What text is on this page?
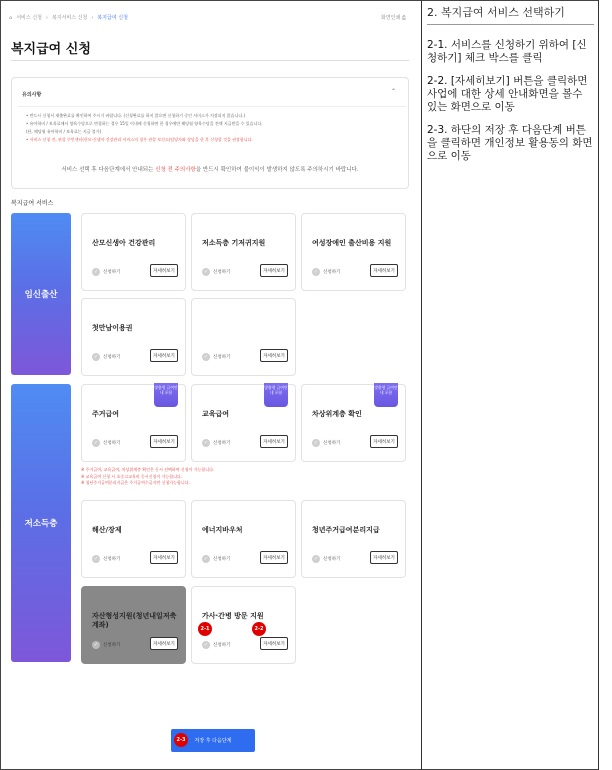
⌂ 서비스 신청 › 복지서비스 신청 › 복지급여 신청	화면인쇄 ⎙
복지급여 신청
유의사항	⌃
• 반드시 신청서 제출완료를 확인하여 주시기 바랍니다. (신청완료를 하지 않으면 신청하기 중인 서비스가 저장되지 않습니다.)
• 유아학비 / 보육료에서 양육수당으로 변경하는 경우 15일 이내에 신청하면 한 경우에만 해당월 양육수당을 전액 지급받을 수 있습니다.
(단, 해당월 유아학비 / 보육료는 지급 불가)
• 서비스 신청 전, 관할 주민센터(산모·신생아 건강관리 서비스의 경우 관할 보건소)담당자와 상담을 한 후 신청할 것을 권장합니다.
서비스 선택 후 다음단계에서 안내되는 신청 전 주의사항을 반드시 확인하여 불이익이 발생하지 않도록 주의하시기 바랍니다.
복지급여 서비스
임신출산
저소득층
산모신생아 건강관리
✓	신청하기	자세히보기
저소득층 기저귀지원
✓	신청하기	자세히보기
여성장애인 출산비용 지원
✓	신청하기	자세히보기
첫만남이용권
✓	신청하기	자세히보기	✓	신청하기	자세히보기
맞춤형 급여안내 포함
주거급여
✓	신청하기	자세히보기
맞춤형 급여안내 포함
교육급여
✓	신청하기	자세히보기
맞춤형 급여안내 포함
차상위계층 확인
✓	신청하기	자세히보기
※ 주거급여, 교육급여, 차상위계층 확인은 동시 선택하여 신청이 가능합니다.
※ 교육급여 신청 시 초중고교육비 동시신청이 가능합니다.
※ 청년주거급여분리지급은 주거급여수급자만 신청가능합니다.
해산/장제
✓	신청하기	자세히보기
에너지바우처
✓	신청하기	자세히보기
청년주거급여분리지급
✓	신청하기	자세히보기
자산형성지원(청년내일저축계좌)
✓	신청하기	자세히보기
가사·간병 방문 지원
✓	신청하기	자세히보기
2-1	2-2
저장 후 다음단계
2-3
2. 복지급여 서비스 선택하기
2-1. 서비스를 신청하기 위하여 [신청하기] 체크 박스를 클릭
2-2. [자세히보기] 버튼을 클릭하면 사업에 대한 상세 안내화면을 볼수 있는 화면으로 이동
2-3. 하단의 저장 후 다음단계 버튼을 클릭하면 개인정보 활용동의 화면으로 이동
